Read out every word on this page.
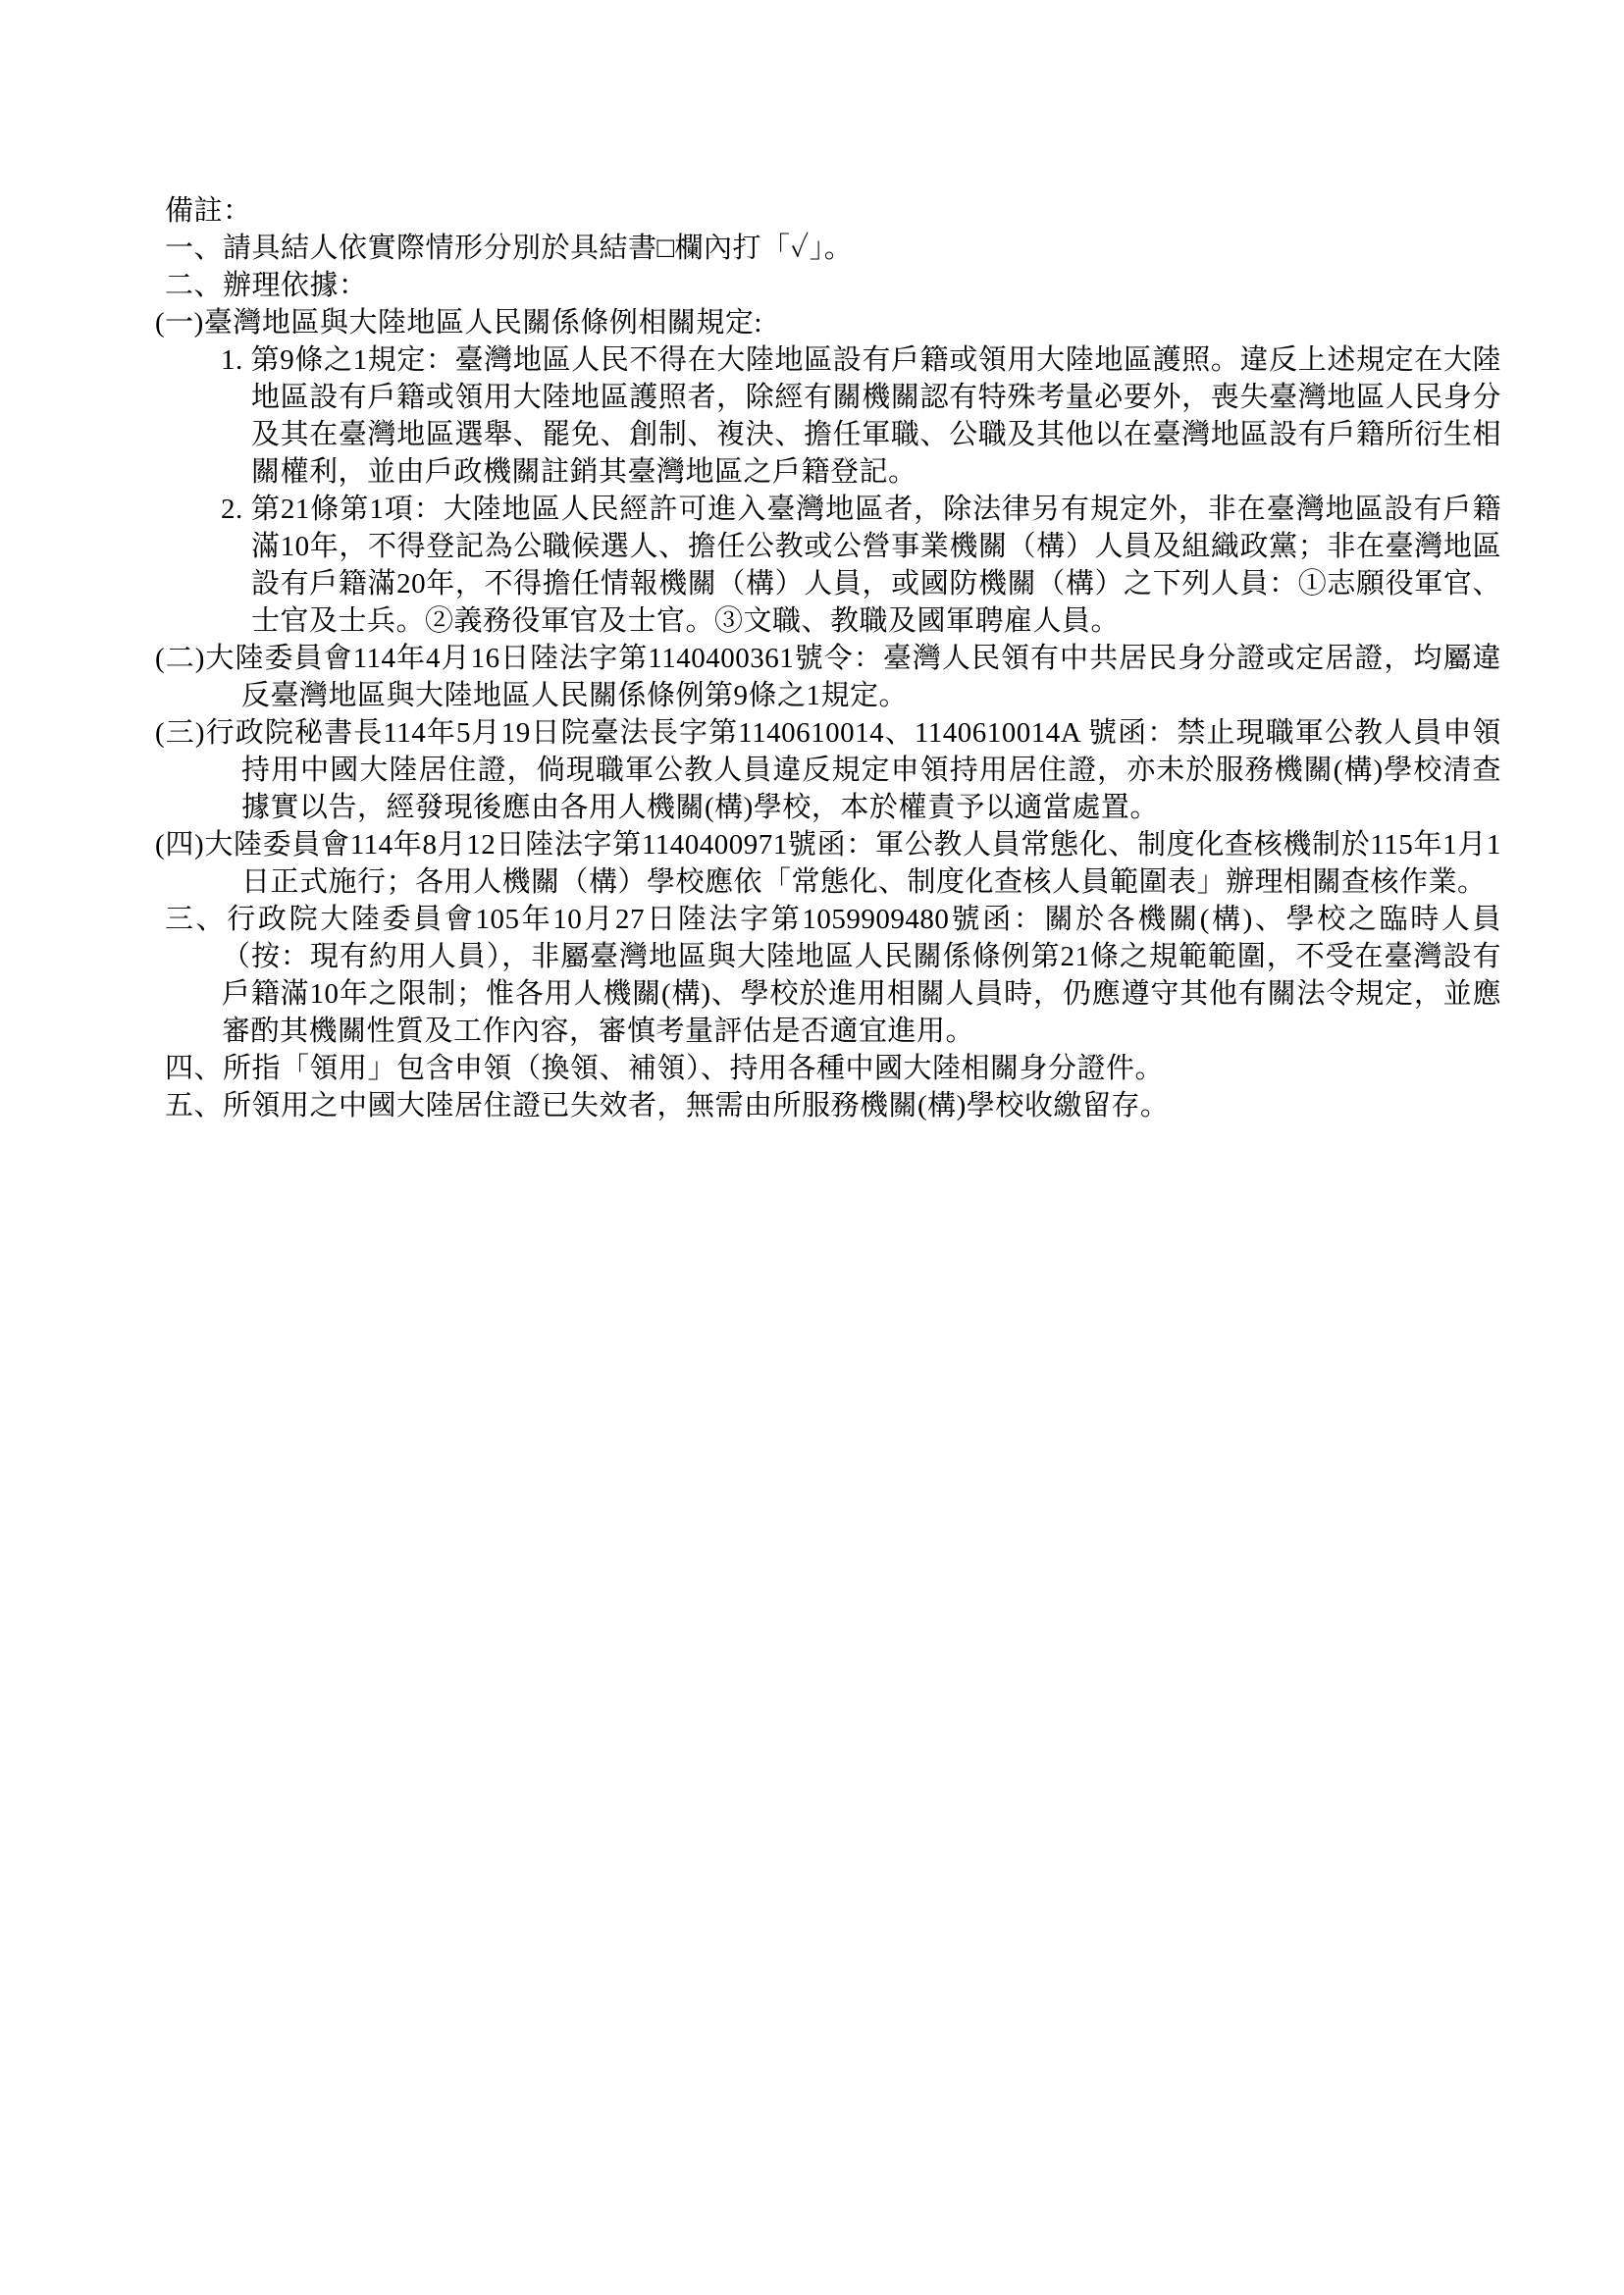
備註：

一、請具結人依實際情形分別於具結書□欄內打「✓」。

二、辦理依據：

(一)臺灣地區與大陸地區人民關係條例相關規定:

1. 第9條之1規定：臺灣地區人民不得在大陸地區設有戶籍或領用大陸地區護照。違反上述規定在大陸地區設有戶籍或領用大陸地區護照者，除經有關機關認有特殊考量必要外，喪失臺灣地區人民身分及其在臺灣地區選舉、罷免、創制、複決、擔任軍職、公職及其他以在臺灣地區設有戶籍所衍生相關權利，並由戶政機關註銷其臺灣地區之戶籍登記。

2. 第21條第1項：大陸地區人民經許可進入臺灣地區者，除法律另有規定外，非在臺灣地區設有戶籍滿10年，不得登記為公職候選人、擔任公教或公營事業機關（構）人員及組織政黨；非在臺灣地區設有戶籍滿20年，不得擔任情報機關（構）人員，或國防機關（構）之下列人員：①志願役軍官、士官及士兵。②義務役軍官及士官。③文職、教職及國軍聘雇人員。

(二)大陸委員會114年4月16日陸法字第1140400361號令：臺灣人民領有中共居民身分證或定居證，均屬違反臺灣地區與大陸地區人民關係條例第9條之1規定。

(三)行政院秘書長114年5月19日院臺法長字第1140610014、1140610014A 號函：禁止現職軍公教人員申領持用中國大陸居住證，倘現職軍公教人員違反規定申領持用居住證，亦未於服務機關(構)學校清查據實以告，經發現後應由各用人機關(構)學校，本於權責予以適當處置。

(四)大陸委員會114年8月12日陸法字第1140400971號函：軍公教人員常態化、制度化查核機制於115年1月1日正式施行；各用人機關（構）學校應依「常態化、制度化查核人員範圍表」辦理相關查核作業。

三、行政院大陸委員會105年10月27日陸法字第1059909480號函：關於各機關(構)、學校之臨時人員（按：現有約用人員），非屬臺灣地區與大陸地區人民關係條例第21條之規範範圍，不受在臺灣設有戶籍滿10年之限制；惟各用人機關(構)、學校於進用相關人員時，仍應遵守其他有關法令規定，並應審酌其機關性質及工作內容，審慎考量評估是否適宜進用。

四、所指「領用」包含申領（換領、補領）、持用各種中國大陸相關身分證件。

五、所領用之中國大陸居住證已失效者，無需由所服務機關(構)學校收繳留存。
